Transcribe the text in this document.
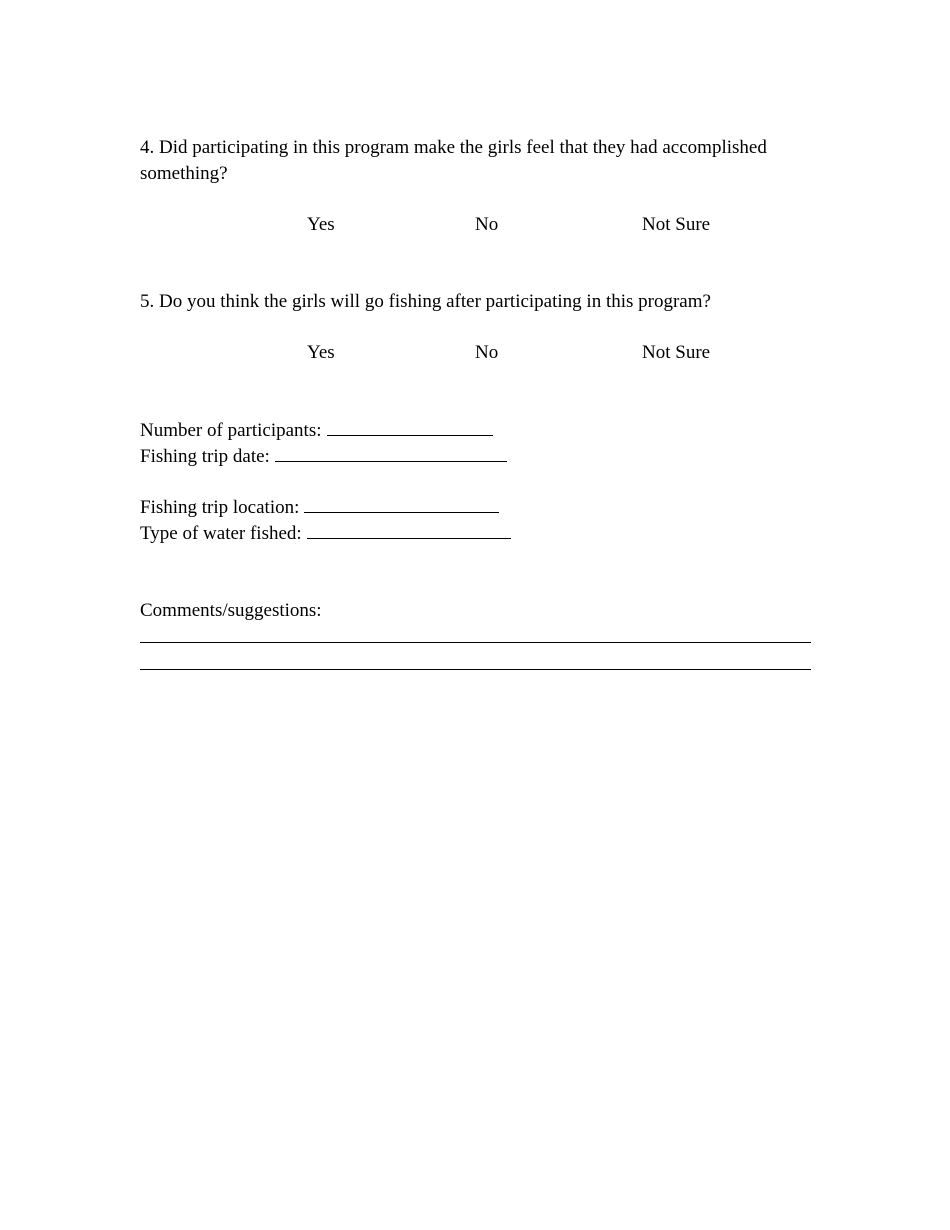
4. Did participating in this program make the girls feel that they had accomplished something?
Yes	No	Not Sure
5. Do you think the girls will go fishing after participating in this program?
Yes	No	Not Sure
Number of participants:
Fishing trip date:
Fishing trip location:
Type of water fished:
Comments/suggestions:
